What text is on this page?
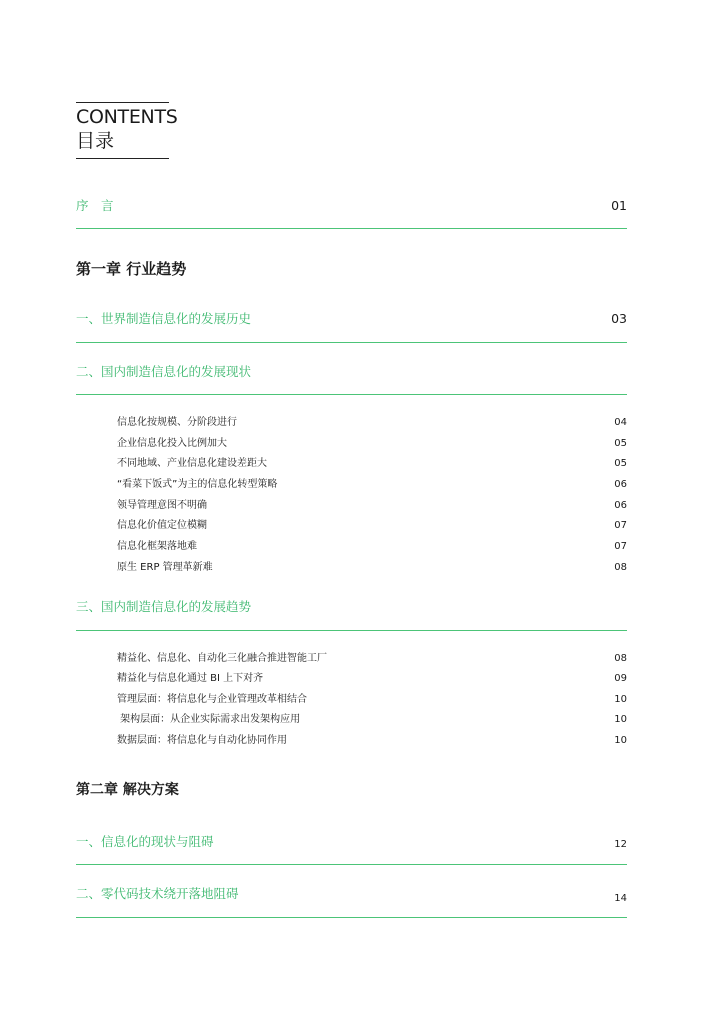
CONTENTS
目录
序　言	01
第一章 行业趋势
一、世界制造信息化的发展历史	03
二、国内制造信息化的发展现状
信息化按规模、分阶段进行	04
企业信息化投入比例加大	05
不同地域、产业信息化建设差距大	05
“看菜下饭式”为主的信息化转型策略	06
领导管理意图不明确	06
信息化价值定位模糊	07
信息化框架落地难	07
原生 ERP 管理革新难	08
三、国内制造信息化的发展趋势
精益化、信息化、自动化三化融合推进智能工厂	08
精益化与信息化通过 BI 上下对齐	09
管理层面：将信息化与企业管理改革相结合	10
架构层面：从企业实际需求出发架构应用	10
数据层面：将信息化与自动化协同作用	10
第二章 解决方案
一、信息化的现状与阻碍	12
二、零代码技术绕开落地阻碍	14
